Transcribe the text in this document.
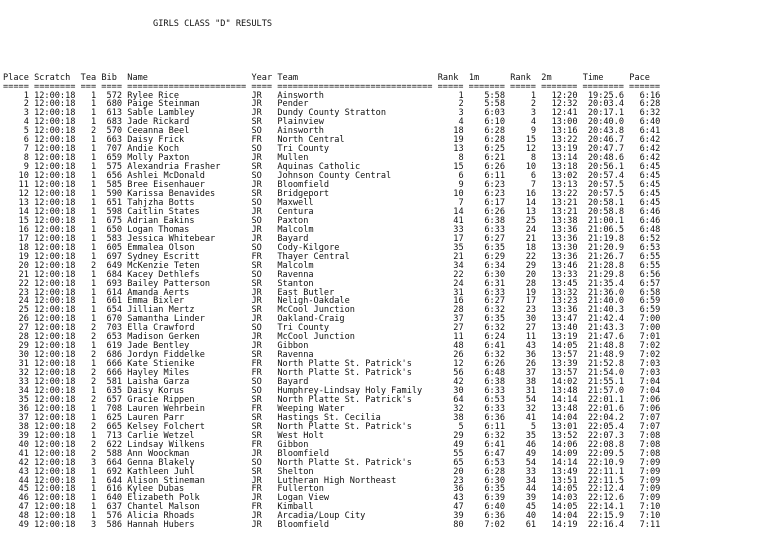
GIRLS CLASS "D" RESULTS

Place Scratch  Tea Bib  Name                    Year Team                           Rank  1m      Rank  2m      Time     Pace
===== ======== === ==== ======================= ==== ============================== ===== ======= ===== ======= ======== ======
1 12:00:18   1  572 Rylee Rice              JR   Ainsworth                          1    5:58     1   12:20  19:25.6   6:16
2 12:00:18   1  680 Paige Steinman          JR   Pender                             2    5:58     2   12:32  20:03.4   6:28
3 12:00:18   1  613 Sable Lambley           JR   Dundy County Stratton              3    6:03     3   12:41  20:17.1   6:32
4 12:00:18   1  683 Jade Rickard            SR   Plainview                          4    6:10     4   13:00  20:40.0   6:40
5 12:00:18   2  570 Ceeanna Beel            SO   Ainsworth                         18    6:28     9   13:16  20:43.8   6:41
6 12:00:18   1  663 Daisy Frick             FR   North Central                     19    6:28    15   13:22  20:46.7   6:42
7 12:00:18   1  707 Andie Koch              SO   Tri County                        13    6:25    12   13:19  20:47.7   6:42
8 12:00:18   1  659 Molly Paxton            JR   Mullen                             8    6:21     8   13:14  20:48.6   6:42
9 12:00:18   1  575 Alexandria Frasher      SR   Aquinas Catholic                  15    6:26    10   13:18  20:56.1   6:45
10 12:00:18   1  656 Ashlei McDonald         SO   Johnson County Central             6    6:11     6   13:02  20:57.4   6:45
11 12:00:18   1  585 Bree Eisenhauer         JR   Bloomfield                         9    6:23     7   13:13  20:57.5   6:45
12 12:00:18   1  590 Karissa Benavides       SR   Bridgeport                        10    6:23    16   13:22  20:57.5   6:45
13 12:00:18   1  651 Tahjzha Botts           SO   Maxwell                            7    6:17    14   13:21  20:58.1   6:45
14 12:00:18   1  598 Caitlin States          JR   Centura                           14    6:26    13   13:21  20:58.8   6:46
15 12:00:18   1  675 Adrian Eakins           SO   Paxton                            41    6:38    25   13:38  21:00.1   6:46
16 12:00:18   1  650 Logan Thomas            JR   Malcolm                           33    6:33    24   13:36  21:06.5   6:48
17 12:00:18   1  583 Jessica Whitebear       JR   Bayard                            17    6:27    21   13:36  21:19.8   6:52
18 12:00:18   1  605 Emmalea Olson           SO   Cody-Kilgore                      35    6:35    18   13:30  21:20.9   6:53
19 12:00:18   1  697 Sydney Escritt          FR   Thayer Central                    21    6:29    22   13:36  21:26.7   6:55
20 12:00:18   2  649 McKenzie Teten          SR   Malcolm                           34    6:34    29   13:46  21:28.8   6:55
21 12:00:18   1  684 Kacey Dethlefs          SO   Ravenna                           22    6:30    20   13:33  21:29.8   6:56
22 12:00:18   1  693 Bailey Patterson        SR   Stanton                           24    6:31    28   13:45  21:35.4   6:57
23 12:00:18   1  614 Amanda Aerts            JR   East Butler                       31    6:33    19   13:32  21:36.0   6:58
24 12:00:18   1  661 Emma Bixler             JR   Neligh-Oakdale                    16    6:27    17   13:23  21:40.0   6:59
25 12:00:18   1  654 Jillian Mertz           SR   McCool Junction                   28    6:32    23   13:36  21:40.3   6:59
26 12:00:18   1  670 Samantha Linder         JR   Oakland-Craig                     37    6:35    30   13:47  21:42.4   7:00
27 12:00:18   2  703 Ella Crawford           SO   Tri County                        27    6:32    27   13:40  21:43.3   7:00
28 12:00:18   2  653 Madison Gerken          JR   McCool Junction                   11    6:24    11   13:19  21:47.6   7:01
29 12:00:18   1  619 Jade Bentley            JR   Gibbon                            48    6:41    43   14:05  21:48.8   7:02
30 12:00:18   2  686 Jordyn Fiddelke         SR   Ravenna                           26    6:32    36   13:57  21:48.9   7:02
31 12:00:18   1  666 Kate Stienike           FR   North Platte St. Patrick's        12    6:26    26   13:39  21:52.8   7:03
32 12:00:18   2  666 Hayley Miles            FR   North Platte St. Patrick's        56    6:48    37   13:57  21:54.0   7:03
33 12:00:18   2  581 Laisha Garza            SO   Bayard                            42    6:38    38   14:02  21:55.1   7:04
34 12:00:18   1  635 Daisy Korus             SO   Humphrey-Lindsay Holy Family      30    6:33    31   13:48  21:57.0   7:04
35 12:00:18   2  657 Gracie Rippen           SR   North Platte St. Patrick's        64    6:53    54   14:14  22:01.1   7:06
36 12:00:18   1  708 Lauren Wehrbein         FR   Weeping Water                     32    6:33    32   13:48  22:01.6   7:06
37 12:00:18   1  625 Lauren Parr             SR   Hastings St. Cecilia              38    6:36    41   14:04  22:04.2   7:07
38 12:00:18   2  665 Kelsey Folchert         SR   North Platte St. Patrick's         5    6:11     5   13:01  22:05.4   7:07
39 12:00:18   1  713 Carlie Wetzel           SR   West Holt                         29    6:32    35   13:52  22:07.3   7:08
40 12:00:18   2  622 Lindsay Wilkens         FR   Gibbon                            49    6:41    46   14:06  22:08.8   7:08
41 12:00:18   2  588 Ann Woockman            JR   Bloomfield                        55    6:47    49   14:09  22:09.5   7:08
42 12:00:18   3  664 Genna Blakely           SO   North Platte St. Patrick's        65    6:53    54   14:14  22:10.9   7:09
43 12:00:18   1  692 Kathleen Juhl           SR   Shelton                           20    6:28    33   13:49  22:11.1   7:09
44 12:00:18   1  644 Alison Stineman         JR   Lutheran High Northeast           23    6:30    34   13:51  22:11.5   7:09
45 12:00:18   1  616 Kylee Dubas             FR   Fullerton                         36    6:35    44   14:05  22:12.4   7:09
46 12:00:18   1  640 Elizabeth Polk          JR   Logan View                        43    6:39    39   14:03  22:12.6   7:09
47 12:00:18   1  637 Chantel Malson          FR   Kimball                           47    6:40    45   14:05  22:14.1   7:10
48 12:00:18   1  576 Alicia Rhoads           JR   Arcadia/Loup City                 39    6:36    40   14:04  22:15.9   7:10
49 12:00:18   3  586 Hannah Hubers           JR   Bloomfield                        80    7:02    61   14:19  22:16.4   7:11
